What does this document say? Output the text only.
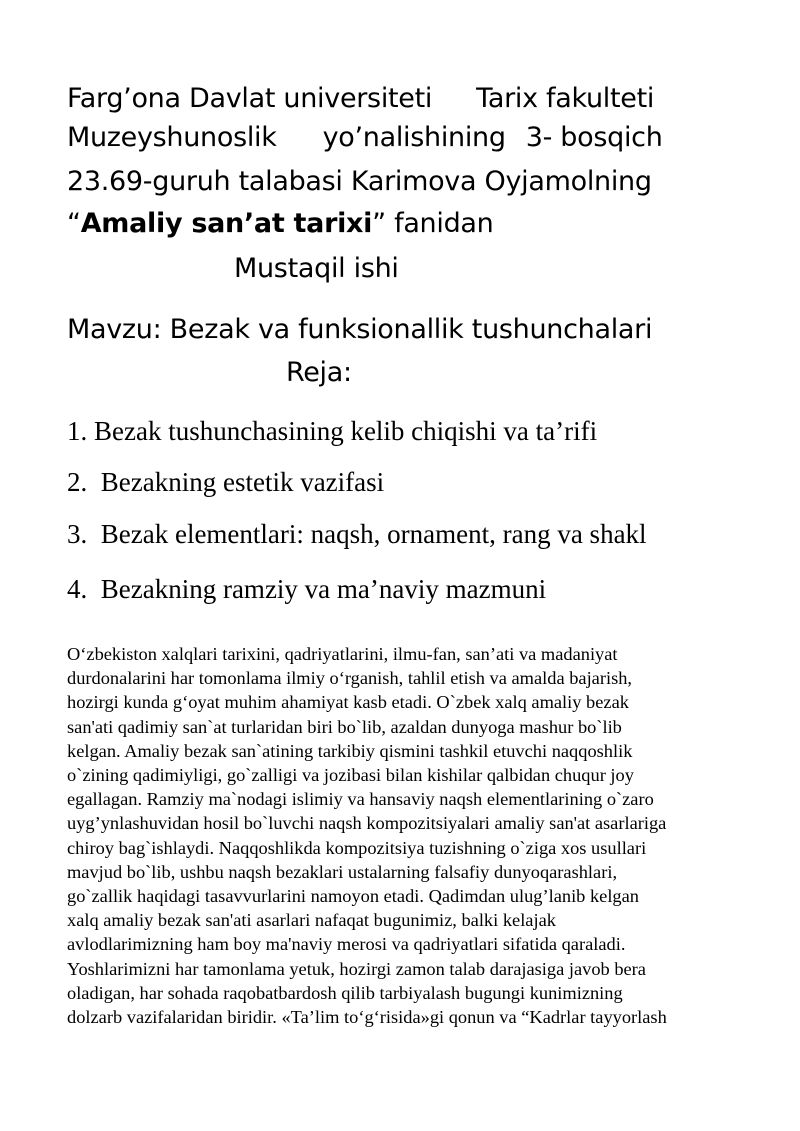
Farg’ona Davlat universiteti Tarix fakulteti
Muzeyshunoslik yo’nalishining 3- bosqich
23.69-guruh talabasi Karimova Oyjamolning
“Amaliy san’at tarixi” fanidan
Mustaqil ishi
Mavzu: Bezak va funksionallik tushunchalari
Reja:
1. Bezak tushunchasining kelib chiqishi va ta’rifi
2.  Bezakning estetik vazifasi
3.  Bezak elementlari: naqsh, ornament, rang va shakl
4.  Bezakning ramziy va ma’naviy mazmuni
O‘zbekiston xalqlari tarixini, qadriyatlarini, ilmu-fan, san’ati va madaniyat
durdonalarini har tomonlama ilmiy o‘rganish, tahlil etish va amalda bajarish,
hozirgi kunda g‘oyat muhim ahamiyat kasb etadi. O`zbek xalq amaliy bezak
san'ati qadimiy san`at turlaridan biri bo`lib, azaldan dunyoga mashur bo`lib
kelgan. Amaliy bezak san`atining tarkibiy qismini tashkil etuvchi naqqoshlik
o`zining qadimiyligi, go`zalligi va jozibasi bilan kishilar qalbidan chuqur joy
egallagan. Ramziy ma`nodagi islimiy va hansaviy naqsh elementlarining o`zaro
uyg’ynlashuvidan hosil bo`luvchi naqsh kompozitsiyalari amaliy san'at asarlariga
chiroy bag`ishlaydi. Naqqoshlikda kompozitsiya tuzishning o`ziga xos usullari
mavjud bo`lib, ushbu naqsh bezaklari ustalarning falsafiy dunyoqarashlari,
go`zallik haqidagi tasavvurlarini namoyon etadi. Qadimdan ulug’lanib kelgan
xalq amaliy bezak san'ati asarlari nafaqat bugunimiz, balki kelajak
avlodlarimizning ham boy ma'naviy merosi va qadriyatlari sifatida qaraladi.
Yoshlarimizni har tamonlama yetuk, hozirgi zamon talab darajasiga javob bera
oladigan, har sohada raqobatbardosh qilib tarbiyalash bugungi kunimizning
dolzarb vazifalaridan biridir. «Ta’lim to‘g‘risida»gi qonun va “Kadrlar tayyorlash
